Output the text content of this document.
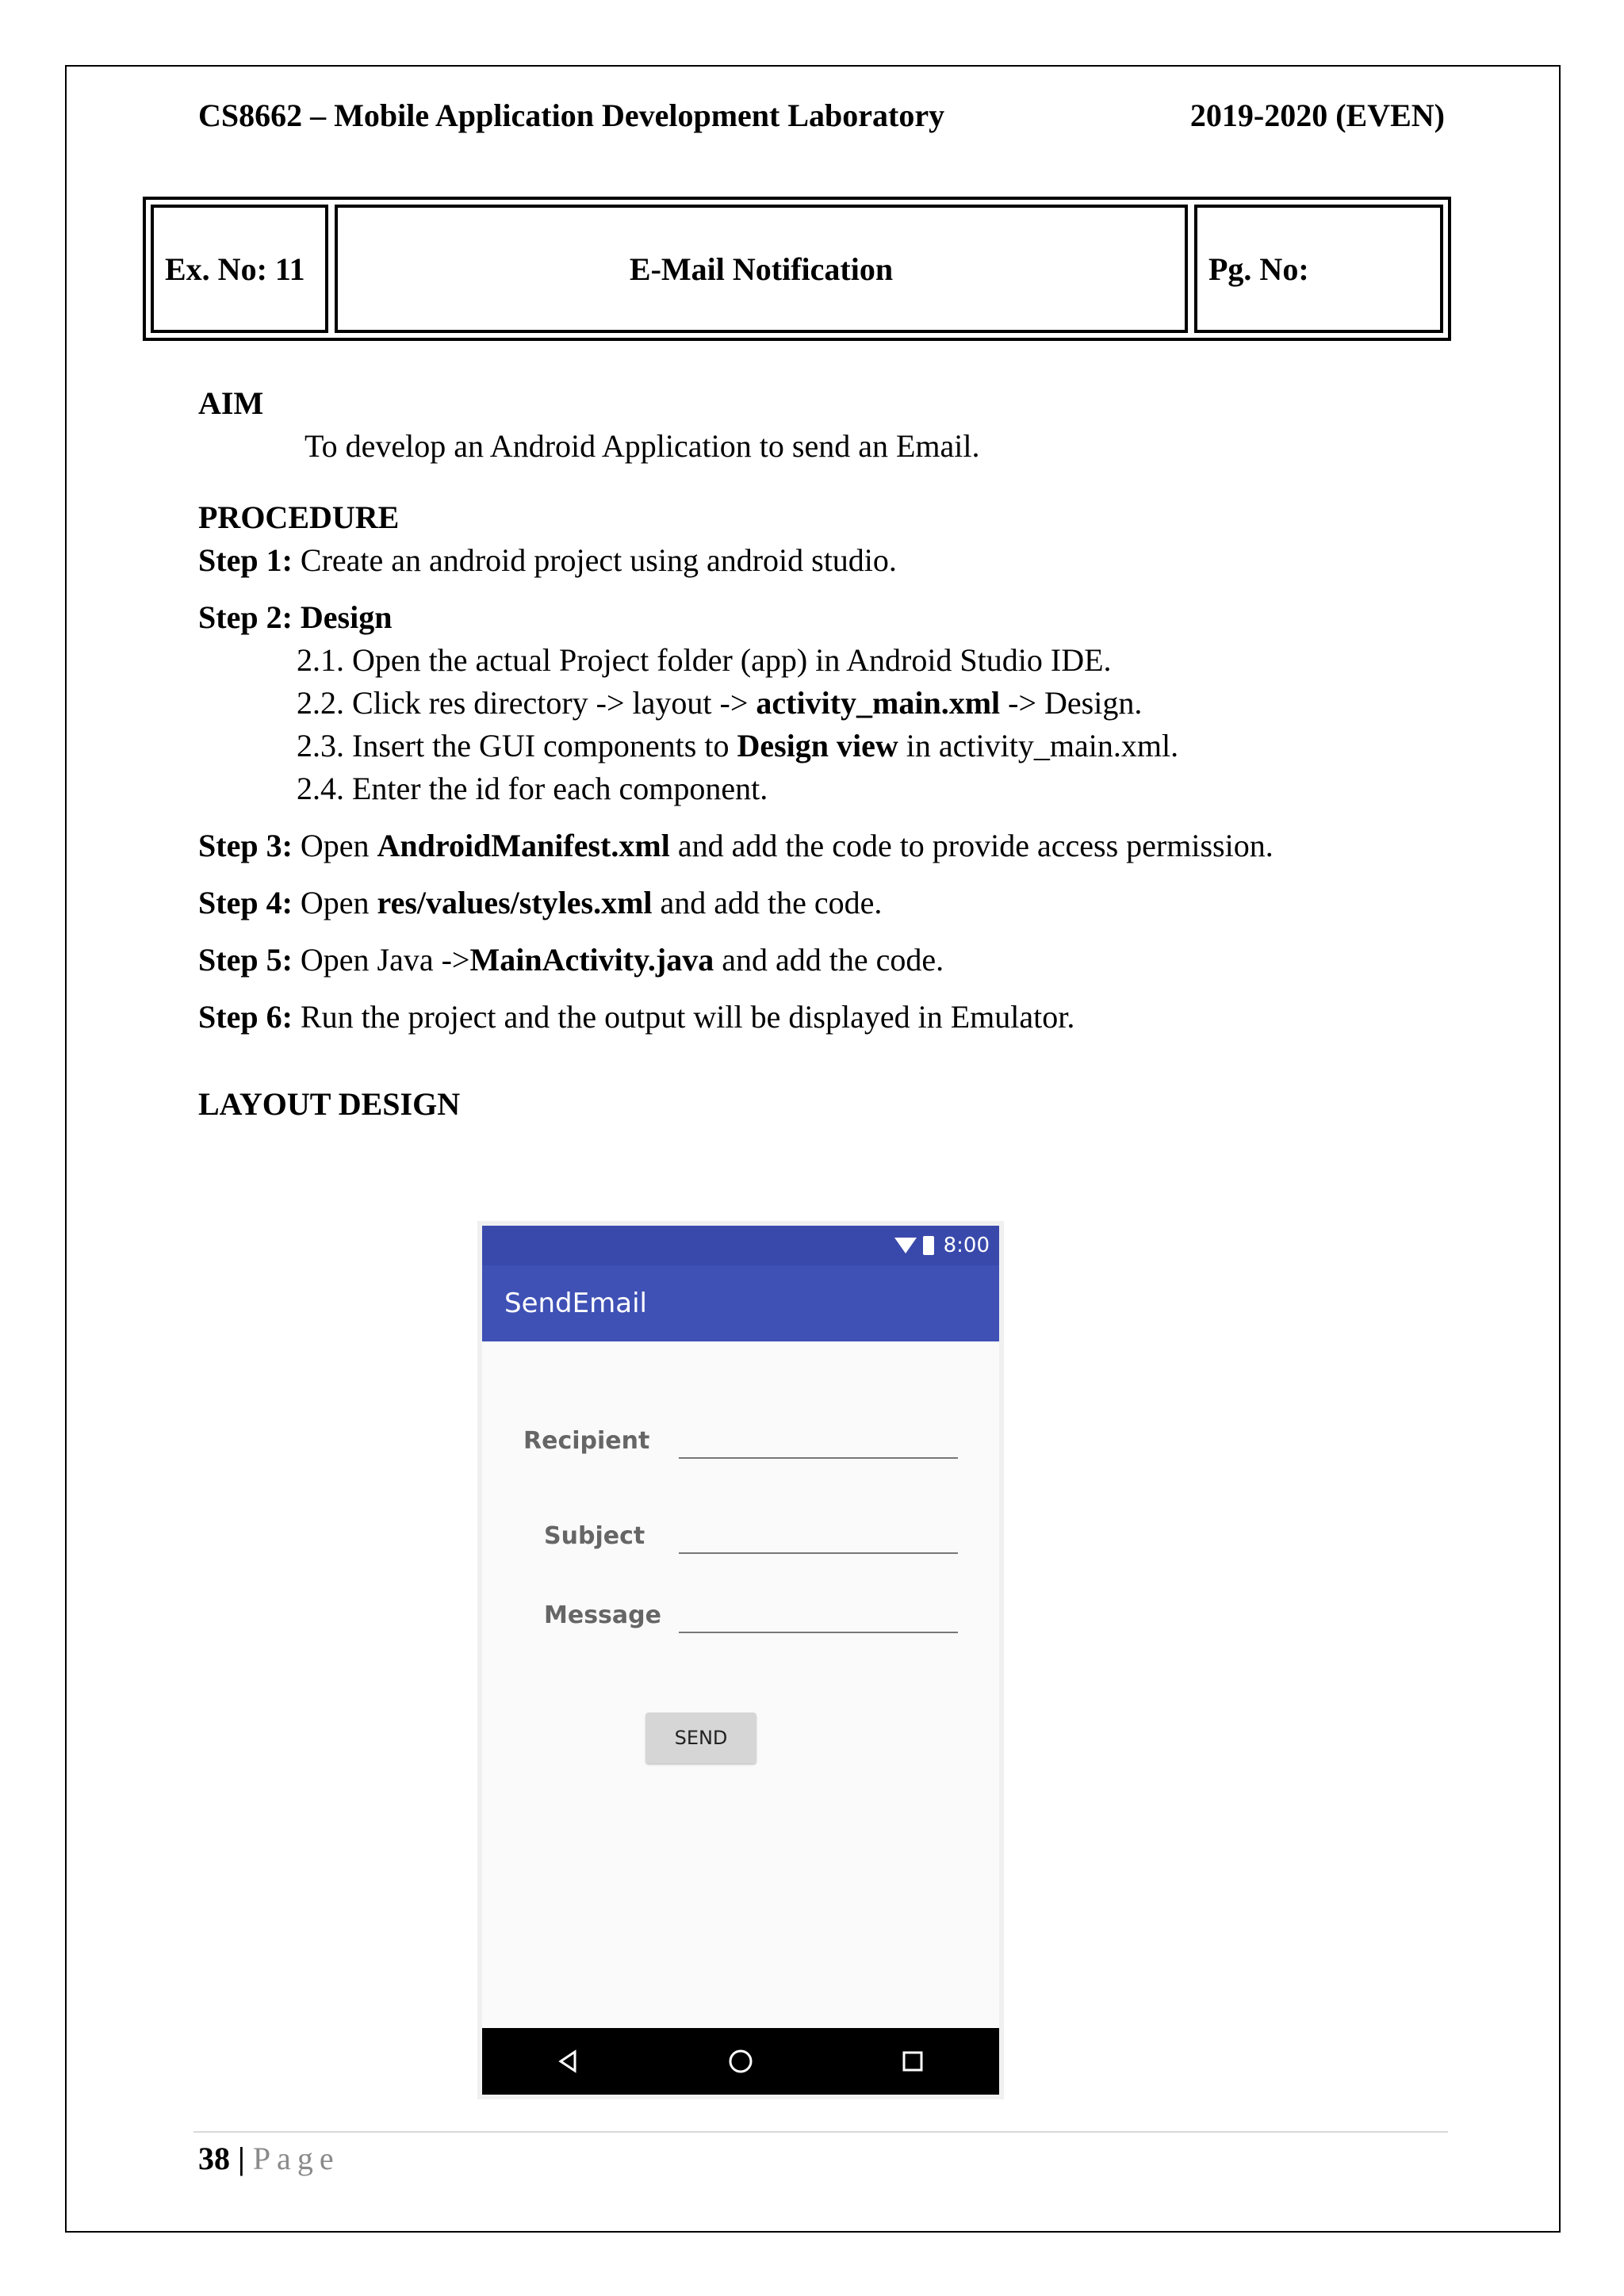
CS8662 – Mobile Application Development Laboratory	2019-2020 (EVEN)
Ex. No: 11	E-Mail Notification	Pg. No:
AIM
To develop an Android Application to send an Email.
PROCEDURE
Step 1: Create an android project using android studio.
Step 2: Design
2.1. Open the actual Project folder (app) in Android Studio IDE.
2.2. Click res directory -> layout -> activity_main.xml -> Design.
2.3. Insert the GUI components to Design view in activity_main.xml.
2.4. Enter the id for each component.
Step 3: Open AndroidManifest.xml and add the code to provide access permission.
Step 4: Open res/values/styles.xml and add the code.
Step 5: Open Java ->MainActivity.java and add the code.
Step 6: Run the project and the output will be displayed in Emulator.
LAYOUT DESIGN
8:00
SendEmail
Recipient
Subject
Message
SEND
38 | Page
